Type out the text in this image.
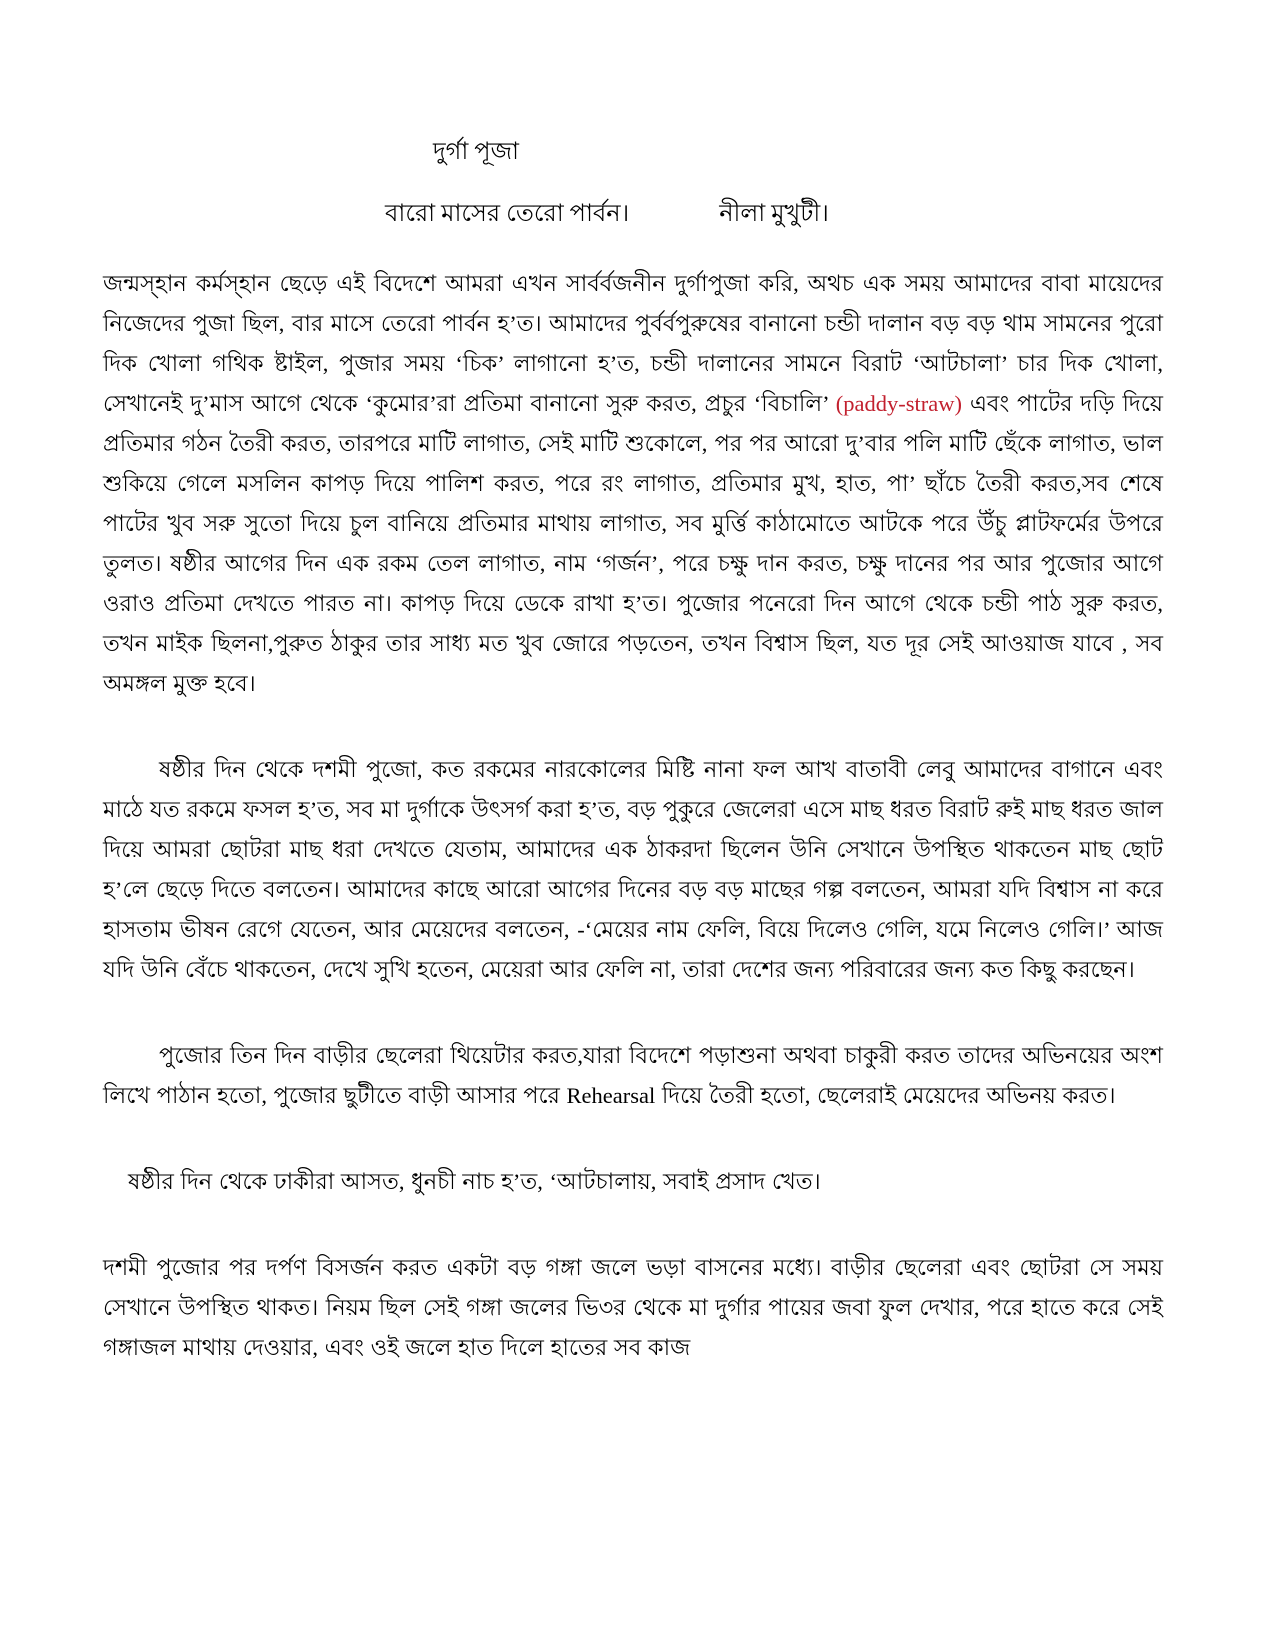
দুর্গা পূজা
বারো মাসের তেরো পার্বন।	নীলা মুখুটী।

জন্মস্হান কর্মস্হান ছেড়ে এই বিদেশে আমরা এখন সার্বর্বজনীন দুর্গাপুজা করি, অথচ এক সময় আমাদের বাবা মায়েদের নিজেদের পুজা ছিল, বার মাসে তেরো পার্বন হ’ত। আমাদের পুর্বর্বপুরুষের বানানো চন্ডী দালান বড় বড় থাম সামনের পুরো দিক খোলা গথিক ষ্টাইল, পুজার সময় ‘চিক’ লাগানো হ’ত, চন্ডী দালানের সামনে বিরাট ‘আটচালা’ চার দিক খোলা, সেখানেই দু’মাস আগে থেকে ‘কুমোর’রা প্রতিমা বানানো সুরু করত, প্রচুর ‘বিচালি’ (paddy-straw) এবং পাটের দড়ি দিয়ে প্রতিমার গঠন তৈরী করত, তারপরে মাটি লাগাত, সেই মাটি শুকোলে, পর পর আরো দু’বার পলি মাটি ছেঁকে লাগাত, ভাল শুকিয়ে গেলে মসলিন কাপড় দিয়ে পালিশ করত, পরে রং লাগাত, প্রতিমার মুখ, হাত, পা’ ছাঁচে তৈরী করত,সব শেষে পাটের খুব সরু সুতো দিয়ে চুল বানিয়ে প্রতিমার মাথায় লাগাত, সব মুর্ত্তি কাঠামোতে আটকে পরে উঁচু প্লাটফর্মের উপরে তুলত। ষষ্ঠীর আগের দিন এক রকম তেল লাগাত, নাম ‘গর্জন’, পরে চক্ষু দান করত, চক্ষু দানের পর আর পুজোর আগে ওরাও প্রতিমা দেখতে পারত না। কাপড় দিয়ে ডেকে রাখা হ’ত। পুজোর পনেরো দিন আগে থেকে চন্ডী পাঠ সুরু করত, তখন মাইক ছিলনা,পুরুত ঠাকুর তার সাধ্য মত খুব জোরে পড়তেন, তখন বিশ্বাস ছিল, যত দূর সেই আওয়াজ যাবে , সব অমঙ্গল মুক্ত হবে।

ষষ্ঠীর দিন থেকে দশমী পুজো, কত রকমের নারকোলের মিষ্টি নানা ফল আখ বাতাবী লেবু আমাদের বাগানে এবং মাঠে যত রকমে ফসল হ’ত, সব মা দুর্গাকে উৎসর্গ করা হ’ত, বড় পুকুরে জেলেরা এসে মাছ ধরত বিরাট রুই মাছ ধরত জাল দিয়ে আমরা ছোটরা মাছ ধরা দেখতে যেতাম, আমাদের এক ঠাকরদা ছিলেন উনি সেখানে উপস্থিত থাকতেন মাছ ছোট হ’লে ছেড়ে দিতে বলতেন। আমাদের কাছে আরো আগের দিনের বড় বড় মাছের গল্প বলতেন, আমরা যদি বিশ্বাস না করে হাসতাম ভীষন রেগে যেতেন, আর মেয়েদের বলতেন, -‘মেয়ের নাম ফেলি, বিয়ে দিলেও গেলি, যমে নিলেও গেলি।’ আজ যদি উনি বেঁচে থাকতেন, দেখে সুখি হতেন, মেয়েরা আর ফেলি না, তারা দেশের জন্য পরিবারের জন্য কত কিছু করছেন।

পুজোর তিন দিন বাড়ীর ছেলেরা থিয়েটার করত,যারা বিদেশে পড়াশুনা অথবা চাকুরী করত তাদের অভিনয়ের অংশ লিখে পাঠান হতো, পুজোর ছুটীতে বাড়ী আসার পরে Rehearsal দিয়ে তৈরী হতো, ছেলেরাই মেয়েদের অভিনয় করত।

ষষ্ঠীর দিন থেকে ঢাকীরা আসত, ধুনচী নাচ হ’ত, ‘আটচালায়, সবাই প্রসাদ খেত।

দশমী পুজোর পর দর্পণ বিসর্জন করত একটা বড় গঙ্গা জলে ভড়া বাসনের মধ্যে। বাড়ীর ছেলেরা এবং ছোটরা সে সময় সেখানে উপস্থিত থাকত। নিয়ম ছিল সেই গঙ্গা জলের ভি৩র থেকে মা দুর্গার পায়ের জবা ফুল দেখার, পরে হাতে করে সেই গঙ্গাজল মাথায় দেওয়ার, এবং ওই জলে হাত দিলে হাতের সব কাজ
